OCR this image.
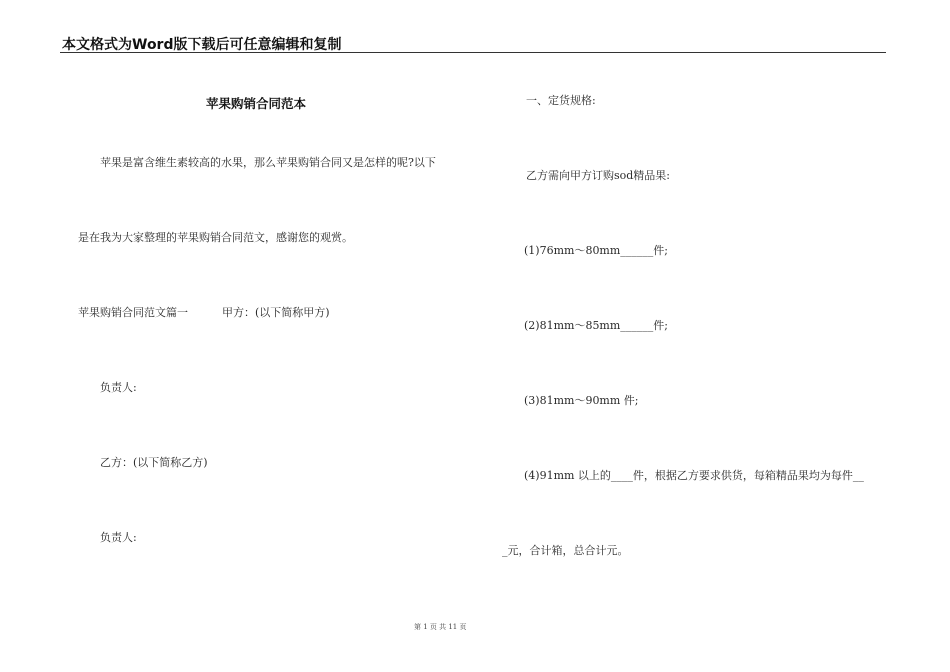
本文格式为Word版下载后可任意编辑和复制
苹果购销合同范本
苹果是富含维生素较高的水果，那么苹果购销合同又是怎样的呢?以下
是在我为大家整理的苹果购销合同范文，感谢您的观赏。
苹果购销合同范文篇一	甲方：(以下简称甲方)
负责人:
乙方：(以下简称乙方)
负责人:
一、定货规格:
乙方需向甲方订购sod精品果:
(1)76mm～80mm______件;
(2)81mm～85mm______件;
(3)81mm～90mm 件;
(4)91mm 以上的____件，根据乙方要求供货，每箱精品果均为每件__
_元，合计箱，总合计元。
第 1 页 共 11 页
